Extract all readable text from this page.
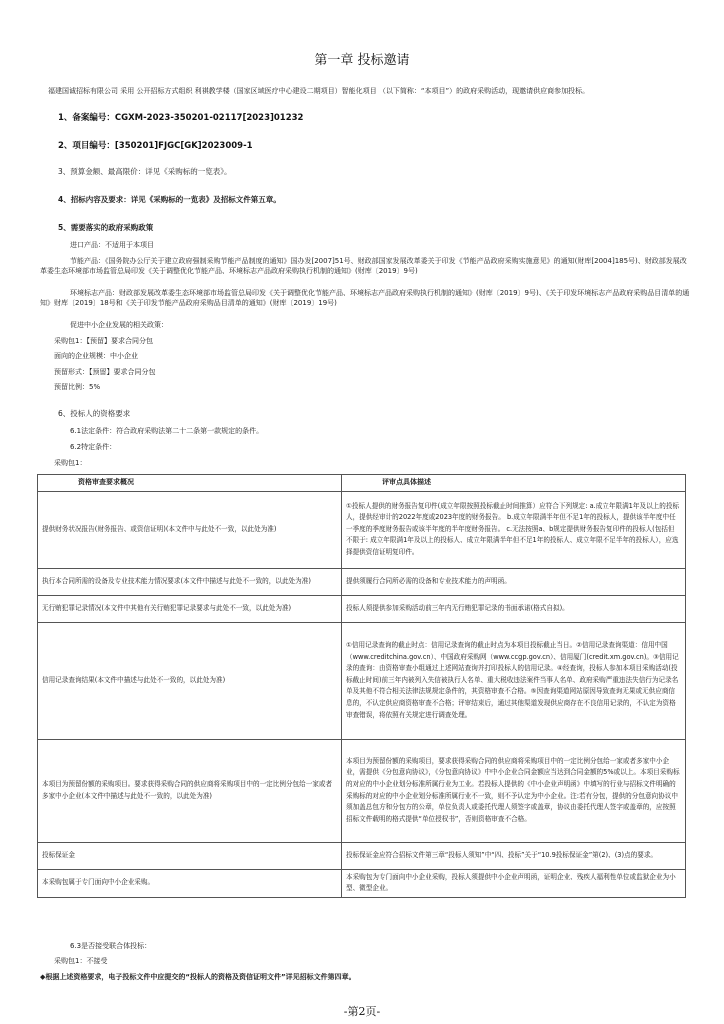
第一章 投标邀请
福建国诚招标有限公司 采用 公开招标方式组织 利祺教学楼（国家区域医疗中心建设二期项目）智能化项目 （以下简称：“本项目”）的政府采购活动，现邀请供应商参加投标。
1、备案编号：CGXM-2023-350201-02117[2023]01232
2、项目编号：[350201]FJGC[GK]2023009-1
3、预算金额、最高限价：详见《采购标的一览表》。
4、招标内容及要求：详见《采购标的一览表》及招标文件第五章。
5、需要落实的政府采购政策
进口产品：不适用于本项目
节能产品：《国务院办公厅关于建立政府强制采购节能产品制度的通知》国办发[2007]51号、财政部国家发展改革委关于印发《节能产品政府采购实施意见》的通知(财库[2004]185号)、财政部发展改革委生态环境部市场监管总局印发《关于调整优化节能产品、环境标志产品政府采购执行机制的通知》(财库〔2019〕9号)
环境标志产品：财政部发展改革委生态环境部市场监管总局印发《关于调整优化节能产品、环境标志产品政府采购执行机制的通知》(财库〔2019〕9号)、《关于印发环境标志产品政府采购品目清单的通知》财库〔2019〕18号和《关于印发节能产品政府采购品目清单的通知》(财库〔2019〕19号)
促进中小企业发展的相关政策：
采购包1：【预留】要求合同分包
面向的企业规模：中小企业
预留形式：【预留】要求合同分包
预留比例：5%
6、投标人的资格要求
6.1法定条件：符合政府采购法第二十二条第一款规定的条件。
6.2特定条件：
采购包1：
资格审查要求概况	评审点具体描述
提供财务状况报告(财务报告、或资信证明)(本文件中与此处不一致，以此处为准)	①投标人提供的财务报告复印件(成立年限按照投标截止时间推算）应符合下列规定: a.成立年限满1年及以上的投标人，提供经审计的2022年度或2023年度的财务报告。 b.成立年限满半年但不足1年的投标人，提供该半年度中任一季度的季度财务报告或该半年度的半年度财务报告。 c.无法按照a、b规定提供财务报告复印件的投标人(包括但不限于: 成立年限满1年及以上的投标人、成立年限满半年但不足1年的投标人、成立年限不足半年的投标人），应选择提供资信证明复印件。
执行本合同所需的设备及专业技术能力情况要求(本文件中描述与此处不一致的，以此处为准)	提供须履行合同所必需的设备和专业技术能力的声明函。
无行贿犯罪记录情况(本文件中其他有关行贿犯罪记录要求与此处不一致，以此处为准)	投标人须提供参加采购活动前三年内无行贿犯罪记录的书面承诺(格式自拟)。
信用记录查询结果(本文件中描述与此处不一致的，以此处为准)	①信用记录查询的截止时点：信用记录查询的截止时点为本项目投标截止当日。②信用记录查询渠道：信用中国（www.creditchina.gov.cn）、中国政府采购网（www.ccgp.gov.cn）、信用厦门(credit.xm.gov.cn)。③信用记录的查询：由资格审查小组通过上述网站查询并打印投标人的信用记录。④经查询，投标人参加本项目采购活动(投标截止时间)前三年内被列入失信被执行人名单、重大税收违法案件当事人名单、政府采购严重违法失信行为记录名单及其他不符合相关法律法规规定条件的，其资格审查不合格。⑤因查询渠道网站原因导致查询无果或无供应商信息的，不认定供应商资格审查不合格；评审结束后，通过其他渠道发现供应商存在不良信用记录的，不认定为资格审查错误，将依照有关规定进行调查处理。
本项目为预留份额的采购项目。要求获得采购合同的供应商将采购项目中的一定比例分包给一家或者多家中小企业(本文件中描述与此处不一致的，以此处为准)	本项目为预留份额的采购项目，要求获得采购合同的供应商将采购项目中的一定比例分包给一家或者多家中小企业，需提供《分包意向协议》，《分包意向协议》中中小企业合同金额应当达到合同金额的5%或以上。本项目采购标的对应的中小企业划分标准所属行业为工业。若投标人提供的《中小企业声明函》中填写的行业与招标文件明确的采购标的对应的中小企业划分标准所属行业不一致，则不予认定为中小企业。注:若有分包，提供的分包意向协议中须加盖总包方和分包方的公章，单位负责人或委托代理人须签字或盖章，协议由委托代理人签字或盖章的，应按照招标文件载明的格式提供“单位授权书”，否则资格审查不合格。
投标保证金	投标保证金应符合招标文件第三章“投标人须知”中“四、投标”关于“10.9投标保证金”第(2)、(3)点的要求。
本采购包属于专门面向中小企业采购。	本采购包为专门面向中小企业采购，投标人须提供中小企业声明函，证明企业、残疾人福利性单位或监狱企业为小型、微型企业。
6.3是否接受联合体投标：
采购包1：不接受
◆根据上述资格要求，电子投标文件中应提交的“投标人的资格及资信证明文件”详见招标文件第四章。
-第2页-
